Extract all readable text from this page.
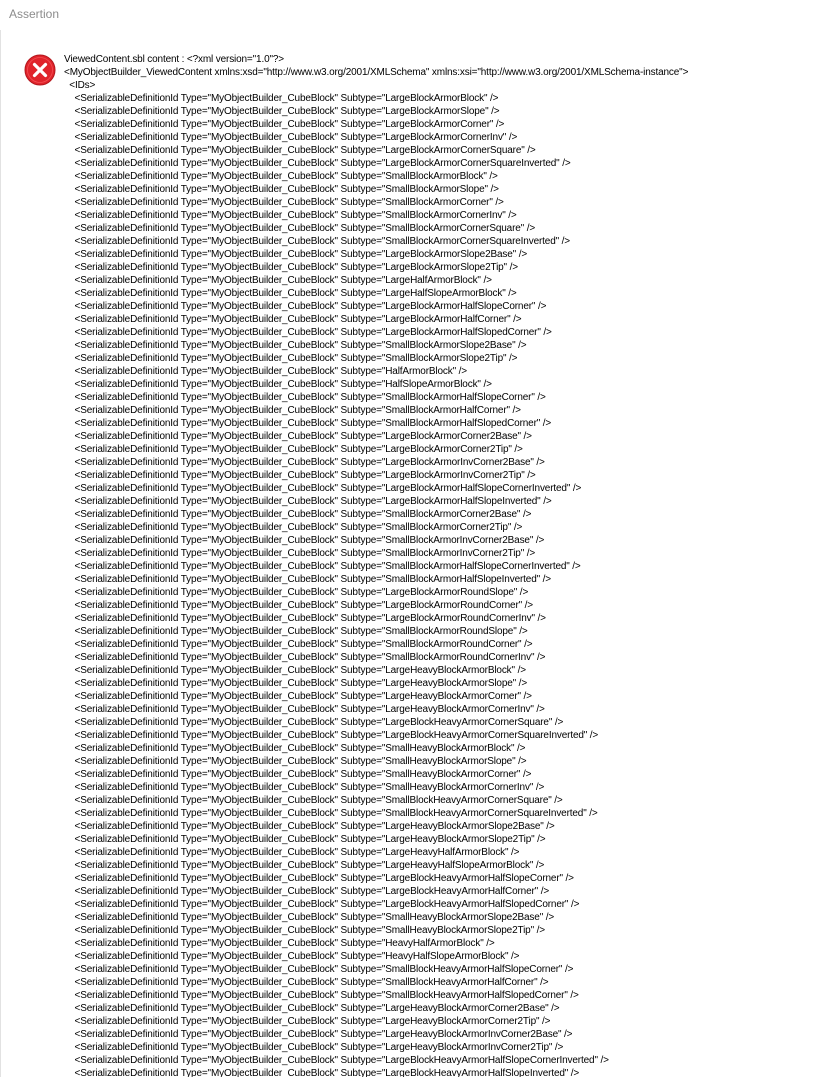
Assertion
ViewedContent.sbl content : <?xml version="1.0"?>
<MyObjectBuilder_ViewedContent xmlns:xsd="http://www.w3.org/2001/XMLSchema" xmlns:xsi="http://www.w3.org/2001/XMLSchema-instance">
<IDs>
<SerializableDefinitionId Type="MyObjectBuilder_CubeBlock" Subtype="LargeBlockArmorBlock" />
<SerializableDefinitionId Type="MyObjectBuilder_CubeBlock" Subtype="LargeBlockArmorSlope" />
<SerializableDefinitionId Type="MyObjectBuilder_CubeBlock" Subtype="LargeBlockArmorCorner" />
<SerializableDefinitionId Type="MyObjectBuilder_CubeBlock" Subtype="LargeBlockArmorCornerInv" />
<SerializableDefinitionId Type="MyObjectBuilder_CubeBlock" Subtype="LargeBlockArmorCornerSquare" />
<SerializableDefinitionId Type="MyObjectBuilder_CubeBlock" Subtype="LargeBlockArmorCornerSquareInverted" />
<SerializableDefinitionId Type="MyObjectBuilder_CubeBlock" Subtype="SmallBlockArmorBlock" />
<SerializableDefinitionId Type="MyObjectBuilder_CubeBlock" Subtype="SmallBlockArmorSlope" />
<SerializableDefinitionId Type="MyObjectBuilder_CubeBlock" Subtype="SmallBlockArmorCorner" />
<SerializableDefinitionId Type="MyObjectBuilder_CubeBlock" Subtype="SmallBlockArmorCornerInv" />
<SerializableDefinitionId Type="MyObjectBuilder_CubeBlock" Subtype="SmallBlockArmorCornerSquare" />
<SerializableDefinitionId Type="MyObjectBuilder_CubeBlock" Subtype="SmallBlockArmorCornerSquareInverted" />
<SerializableDefinitionId Type="MyObjectBuilder_CubeBlock" Subtype="LargeBlockArmorSlope2Base" />
<SerializableDefinitionId Type="MyObjectBuilder_CubeBlock" Subtype="LargeBlockArmorSlope2Tip" />
<SerializableDefinitionId Type="MyObjectBuilder_CubeBlock" Subtype="LargeHalfArmorBlock" />
<SerializableDefinitionId Type="MyObjectBuilder_CubeBlock" Subtype="LargeHalfSlopeArmorBlock" />
<SerializableDefinitionId Type="MyObjectBuilder_CubeBlock" Subtype="LargeBlockArmorHalfSlopeCorner" />
<SerializableDefinitionId Type="MyObjectBuilder_CubeBlock" Subtype="LargeBlockArmorHalfCorner" />
<SerializableDefinitionId Type="MyObjectBuilder_CubeBlock" Subtype="LargeBlockArmorHalfSlopedCorner" />
<SerializableDefinitionId Type="MyObjectBuilder_CubeBlock" Subtype="SmallBlockArmorSlope2Base" />
<SerializableDefinitionId Type="MyObjectBuilder_CubeBlock" Subtype="SmallBlockArmorSlope2Tip" />
<SerializableDefinitionId Type="MyObjectBuilder_CubeBlock" Subtype="HalfArmorBlock" />
<SerializableDefinitionId Type="MyObjectBuilder_CubeBlock" Subtype="HalfSlopeArmorBlock" />
<SerializableDefinitionId Type="MyObjectBuilder_CubeBlock" Subtype="SmallBlockArmorHalfSlopeCorner" />
<SerializableDefinitionId Type="MyObjectBuilder_CubeBlock" Subtype="SmallBlockArmorHalfCorner" />
<SerializableDefinitionId Type="MyObjectBuilder_CubeBlock" Subtype="SmallBlockArmorHalfSlopedCorner" />
<SerializableDefinitionId Type="MyObjectBuilder_CubeBlock" Subtype="LargeBlockArmorCorner2Base" />
<SerializableDefinitionId Type="MyObjectBuilder_CubeBlock" Subtype="LargeBlockArmorCorner2Tip" />
<SerializableDefinitionId Type="MyObjectBuilder_CubeBlock" Subtype="LargeBlockArmorInvCorner2Base" />
<SerializableDefinitionId Type="MyObjectBuilder_CubeBlock" Subtype="LargeBlockArmorInvCorner2Tip" />
<SerializableDefinitionId Type="MyObjectBuilder_CubeBlock" Subtype="LargeBlockArmorHalfSlopeCornerInverted" />
<SerializableDefinitionId Type="MyObjectBuilder_CubeBlock" Subtype="LargeBlockArmorHalfSlopeInverted" />
<SerializableDefinitionId Type="MyObjectBuilder_CubeBlock" Subtype="SmallBlockArmorCorner2Base" />
<SerializableDefinitionId Type="MyObjectBuilder_CubeBlock" Subtype="SmallBlockArmorCorner2Tip" />
<SerializableDefinitionId Type="MyObjectBuilder_CubeBlock" Subtype="SmallBlockArmorInvCorner2Base" />
<SerializableDefinitionId Type="MyObjectBuilder_CubeBlock" Subtype="SmallBlockArmorInvCorner2Tip" />
<SerializableDefinitionId Type="MyObjectBuilder_CubeBlock" Subtype="SmallBlockArmorHalfSlopeCornerInverted" />
<SerializableDefinitionId Type="MyObjectBuilder_CubeBlock" Subtype="SmallBlockArmorHalfSlopeInverted" />
<SerializableDefinitionId Type="MyObjectBuilder_CubeBlock" Subtype="LargeBlockArmorRoundSlope" />
<SerializableDefinitionId Type="MyObjectBuilder_CubeBlock" Subtype="LargeBlockArmorRoundCorner" />
<SerializableDefinitionId Type="MyObjectBuilder_CubeBlock" Subtype="LargeBlockArmorRoundCornerInv" />
<SerializableDefinitionId Type="MyObjectBuilder_CubeBlock" Subtype="SmallBlockArmorRoundSlope" />
<SerializableDefinitionId Type="MyObjectBuilder_CubeBlock" Subtype="SmallBlockArmorRoundCorner" />
<SerializableDefinitionId Type="MyObjectBuilder_CubeBlock" Subtype="SmallBlockArmorRoundCornerInv" />
<SerializableDefinitionId Type="MyObjectBuilder_CubeBlock" Subtype="LargeHeavyBlockArmorBlock" />
<SerializableDefinitionId Type="MyObjectBuilder_CubeBlock" Subtype="LargeHeavyBlockArmorSlope" />
<SerializableDefinitionId Type="MyObjectBuilder_CubeBlock" Subtype="LargeHeavyBlockArmorCorner" />
<SerializableDefinitionId Type="MyObjectBuilder_CubeBlock" Subtype="LargeHeavyBlockArmorCornerInv" />
<SerializableDefinitionId Type="MyObjectBuilder_CubeBlock" Subtype="LargeBlockHeavyArmorCornerSquare" />
<SerializableDefinitionId Type="MyObjectBuilder_CubeBlock" Subtype="LargeBlockHeavyArmorCornerSquareInverted" />
<SerializableDefinitionId Type="MyObjectBuilder_CubeBlock" Subtype="SmallHeavyBlockArmorBlock" />
<SerializableDefinitionId Type="MyObjectBuilder_CubeBlock" Subtype="SmallHeavyBlockArmorSlope" />
<SerializableDefinitionId Type="MyObjectBuilder_CubeBlock" Subtype="SmallHeavyBlockArmorCorner" />
<SerializableDefinitionId Type="MyObjectBuilder_CubeBlock" Subtype="SmallHeavyBlockArmorCornerInv" />
<SerializableDefinitionId Type="MyObjectBuilder_CubeBlock" Subtype="SmallBlockHeavyArmorCornerSquare" />
<SerializableDefinitionId Type="MyObjectBuilder_CubeBlock" Subtype="SmallBlockHeavyArmorCornerSquareInverted" />
<SerializableDefinitionId Type="MyObjectBuilder_CubeBlock" Subtype="LargeHeavyBlockArmorSlope2Base" />
<SerializableDefinitionId Type="MyObjectBuilder_CubeBlock" Subtype="LargeHeavyBlockArmorSlope2Tip" />
<SerializableDefinitionId Type="MyObjectBuilder_CubeBlock" Subtype="LargeHeavyHalfArmorBlock" />
<SerializableDefinitionId Type="MyObjectBuilder_CubeBlock" Subtype="LargeHeavyHalfSlopeArmorBlock" />
<SerializableDefinitionId Type="MyObjectBuilder_CubeBlock" Subtype="LargeBlockHeavyArmorHalfSlopeCorner" />
<SerializableDefinitionId Type="MyObjectBuilder_CubeBlock" Subtype="LargeBlockHeavyArmorHalfCorner" />
<SerializableDefinitionId Type="MyObjectBuilder_CubeBlock" Subtype="LargeBlockHeavyArmorHalfSlopedCorner" />
<SerializableDefinitionId Type="MyObjectBuilder_CubeBlock" Subtype="SmallHeavyBlockArmorSlope2Base" />
<SerializableDefinitionId Type="MyObjectBuilder_CubeBlock" Subtype="SmallHeavyBlockArmorSlope2Tip" />
<SerializableDefinitionId Type="MyObjectBuilder_CubeBlock" Subtype="HeavyHalfArmorBlock" />
<SerializableDefinitionId Type="MyObjectBuilder_CubeBlock" Subtype="HeavyHalfSlopeArmorBlock" />
<SerializableDefinitionId Type="MyObjectBuilder_CubeBlock" Subtype="SmallBlockHeavyArmorHalfSlopeCorner" />
<SerializableDefinitionId Type="MyObjectBuilder_CubeBlock" Subtype="SmallBlockHeavyArmorHalfCorner" />
<SerializableDefinitionId Type="MyObjectBuilder_CubeBlock" Subtype="SmallBlockHeavyArmorHalfSlopedCorner" />
<SerializableDefinitionId Type="MyObjectBuilder_CubeBlock" Subtype="LargeHeavyBlockArmorCorner2Base" />
<SerializableDefinitionId Type="MyObjectBuilder_CubeBlock" Subtype="LargeHeavyBlockArmorCorner2Tip" />
<SerializableDefinitionId Type="MyObjectBuilder_CubeBlock" Subtype="LargeHeavyBlockArmorInvCorner2Base" />
<SerializableDefinitionId Type="MyObjectBuilder_CubeBlock" Subtype="LargeHeavyBlockArmorInvCorner2Tip" />
<SerializableDefinitionId Type="MyObjectBuilder_CubeBlock" Subtype="LargeBlockHeavyArmorHalfSlopeCornerInverted" />
<SerializableDefinitionId Type="MyObjectBuilder_CubeBlock" Subtype="LargeBlockHeavyArmorHalfSlopeInverted" />
